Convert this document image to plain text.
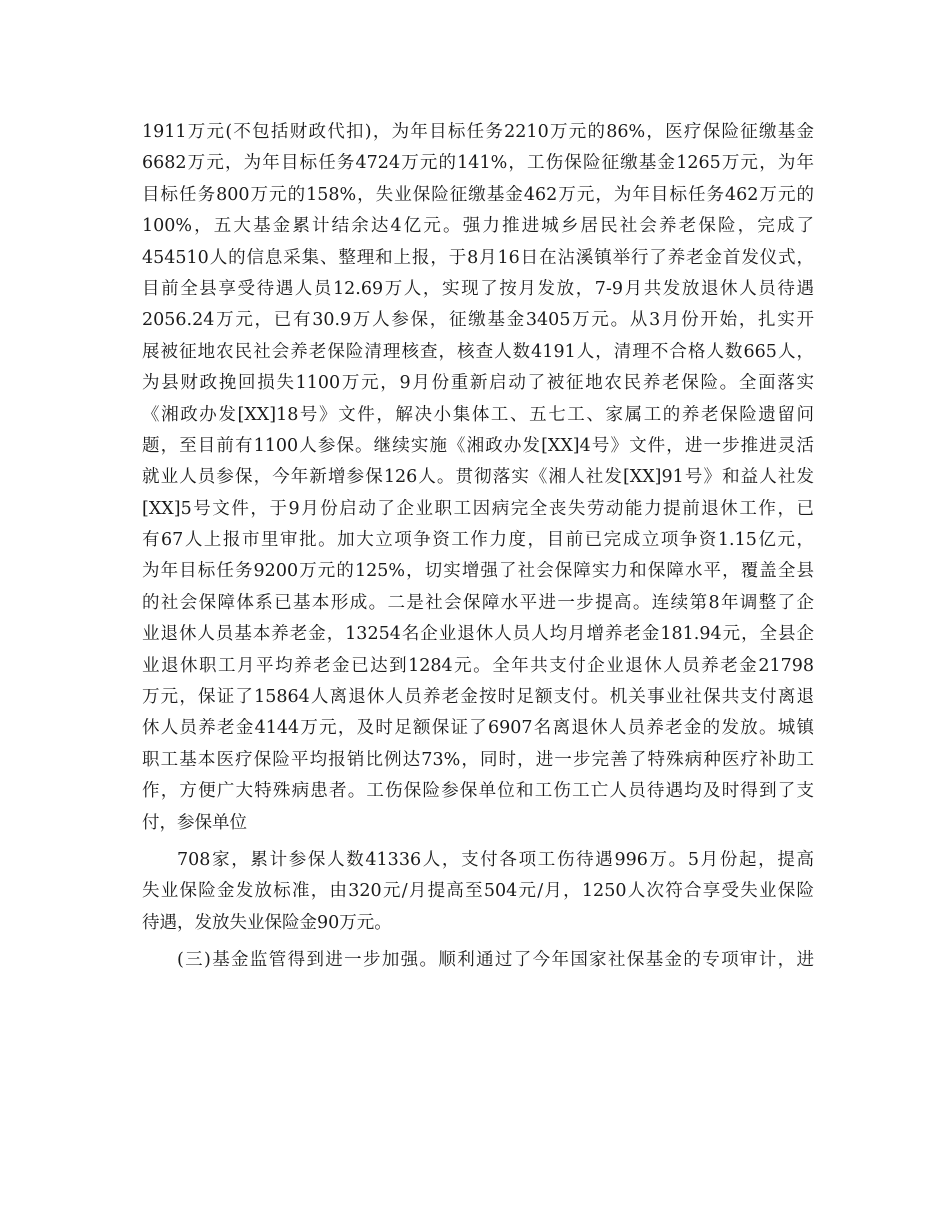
1911万元(不包括财政代扣)，为年目标任务2210万元的86%，医疗保险征缴基金
6682万元，为年目标任务4724万元的141%，工伤保险征缴基金1265万元，为年
目标任务800万元的158%，失业保险征缴基金462万元，为年目标任务462万元的
100%，五大基金累计结余达4亿元。强力推进城乡居民社会养老保险，完成了
454510人的信息采集、整理和上报，于8月16日在沾溪镇举行了养老金首发仪式，
目前全县享受待遇人员12.69万人，实现了按月发放，7-9月共发放退休人员待遇
2056.24万元，已有30.9万人参保，征缴基金3405万元。从3月份开始，扎实开
展被征地农民社会养老保险清理核查，核查人数4191人，清理不合格人数665人，
为县财政挽回损失1100万元，9月份重新启动了被征地农民养老保险。全面落实
《湘政办发[XX]18号》文件，解决小集体工、五七工、家属工的养老保险遗留问
题，至目前有1100人参保。继续实施《湘政办发[XX]4号》文件，进一步推进灵活
就业人员参保，今年新增参保126人。贯彻落实《湘人社发[XX]91号》和益人社发
[XX]5号文件，于9月份启动了企业职工因病完全丧失劳动能力提前退休工作，已
有67人上报市里审批。加大立项争资工作力度，目前已完成立项争资1.15亿元，
为年目标任务9200万元的125%，切实增强了社会保障实力和保障水平，覆盖全县
的社会保障体系已基本形成。二是社会保障水平进一步提高。连续第8年调整了企
业退休人员基本养老金，13254名企业退休人员人均月增养老金181.94元，全县企
业退休职工月平均养老金已达到1284元。全年共支付企业退休人员养老金21798
万元，保证了15864人离退休人员养老金按时足额支付。机关事业社保共支付离退
休人员养老金4144万元，及时足额保证了6907名离退休人员养老金的发放。城镇
职工基本医疗保险平均报销比例达73%，同时，进一步完善了特殊病种医疗补助工
作，方便广大特殊病患者。工伤保险参保单位和工伤工亡人员待遇均及时得到了支
付，参保单位
708家，累计参保人数41336人，支付各项工伤待遇996万。5月份起，提高
失业保险金发放标准，由320元/月提高至504元/月，1250人次符合享受失业保险
待遇，发放失业保险金90万元。
(三)基金监管得到进一步加强。顺利通过了今年国家社保基金的专项审计，进
